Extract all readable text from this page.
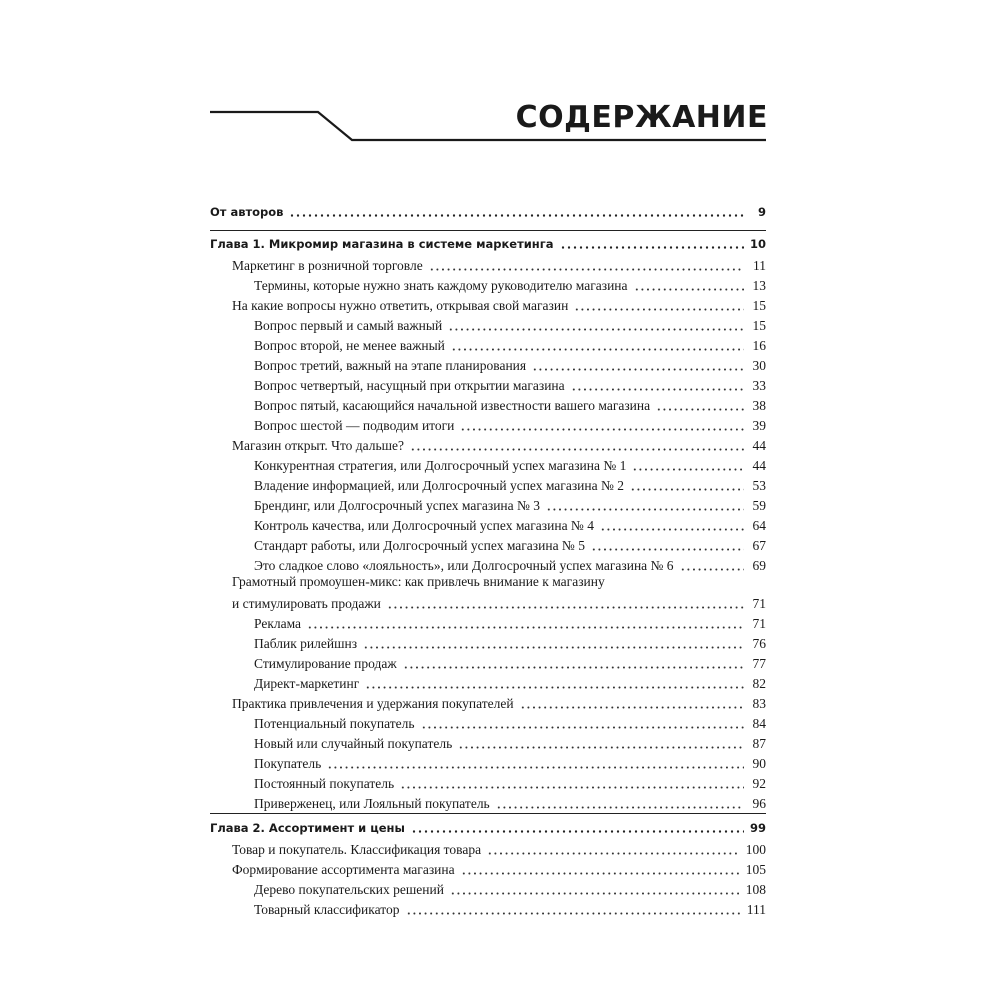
СОДЕРЖАНИЕ
От авторов	9
Глава 1. Микромир магазина в системе маркетинга	10
Маркетинг в розничной торговле	11
Термины, которые нужно знать каждому руководителю магазина	13
На какие вопросы нужно ответить, открывая свой магазин	15
Вопрос первый и самый важный	15
Вопрос второй, не менее важный	16
Вопрос третий, важный на этапе планирования	30
Вопрос четвертый, насущный при открытии магазина	33
Вопрос пятый, касающийся начальной известности вашего магазина	38
Вопрос шестой — подводим итоги	39
Магазин открыт. Что дальше?	44
Конкурентная стратегия, или Долгосрочный успех магазина № 1	44
Владение информацией, или Долгосрочный успех магазина № 2	53
Брендинг, или Долгосрочный успех магазина № 3	59
Контроль качества, или Долгосрочный успех магазина № 4	64
Стандарт работы, или Долгосрочный успех магазина № 5	67
Это сладкое слово «лояльность», или Долгосрочный успех магазина № 6	69
Грамотный промоушен-микс: как привлечь внимание к магазину
и стимулировать продажи	71
Реклама	71
Паблик рилейшнз	76
Стимулирование продаж	77
Директ-маркетинг	82
Практика привлечения и удержания покупателей	83
Потенциальный покупатель	84
Новый или случайный покупатель	87
Покупатель	90
Постоянный покупатель	92
Приверженец, или Лояльный покупатель	96
Глава 2. Ассортимент и цены	99
Товар и покупатель. Классификация товара	100
Формирование ассортимента магазина	105
Дерево покупательских решений	108
Товарный классификатор	111
